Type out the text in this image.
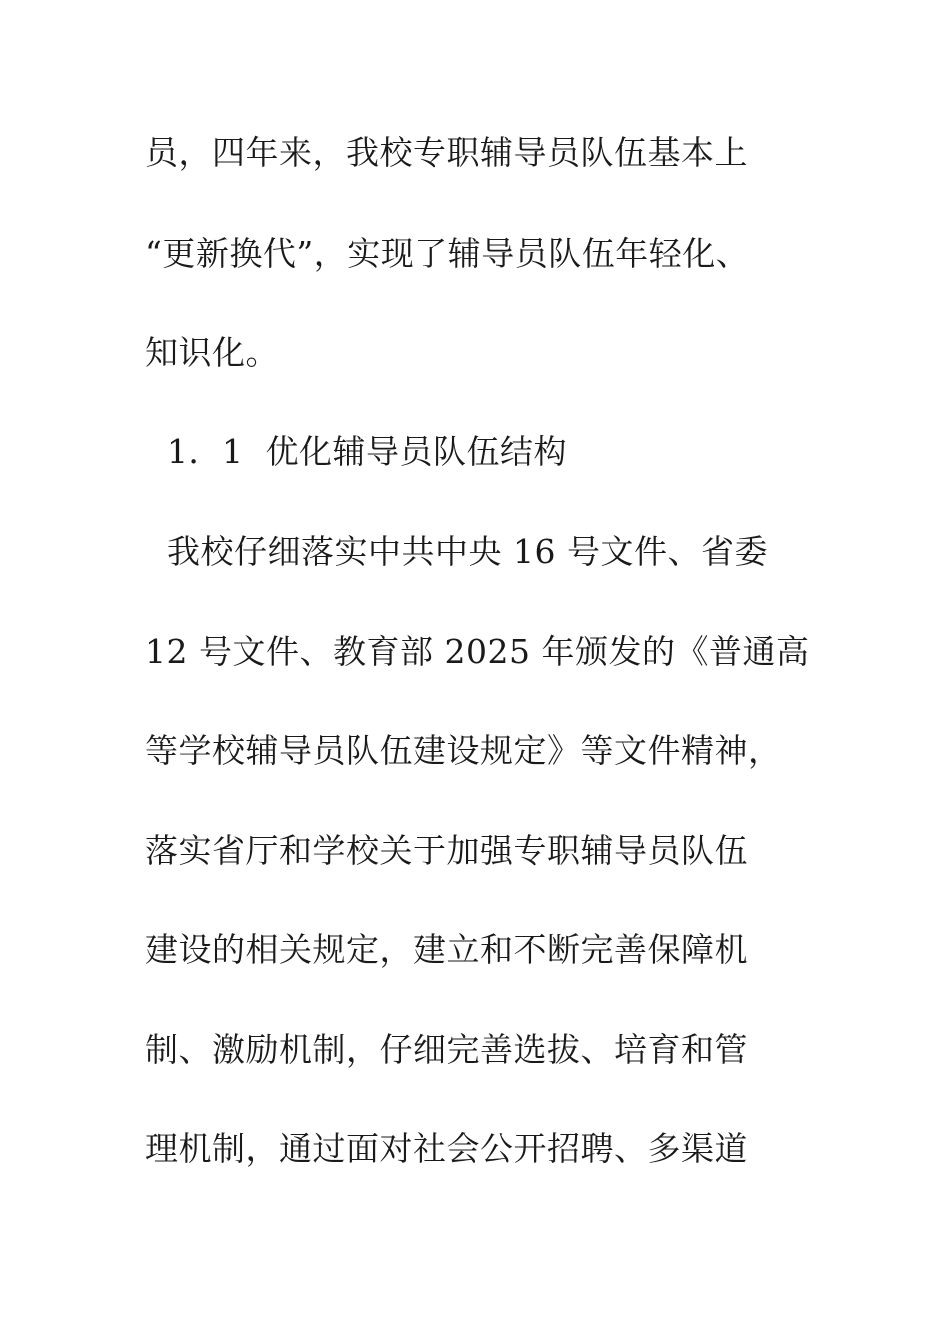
员，四年来，我校专职辅导员队伍基本上
“更新换代”，实现了辅导员队伍年轻化、
知识化。
1．1  优化辅导员队伍结构
我校仔细落实中共中央 16 号文件、省委
12 号文件、教育部 2025 年颁发的《普通高
等学校辅导员队伍建设规定》等文件精神，
落实省厅和学校关于加强专职辅导员队伍
建设的相关规定，建立和不断完善保障机
制、激励机制，仔细完善选拔、培育和管
理机制，通过面对社会公开招聘、多渠道
